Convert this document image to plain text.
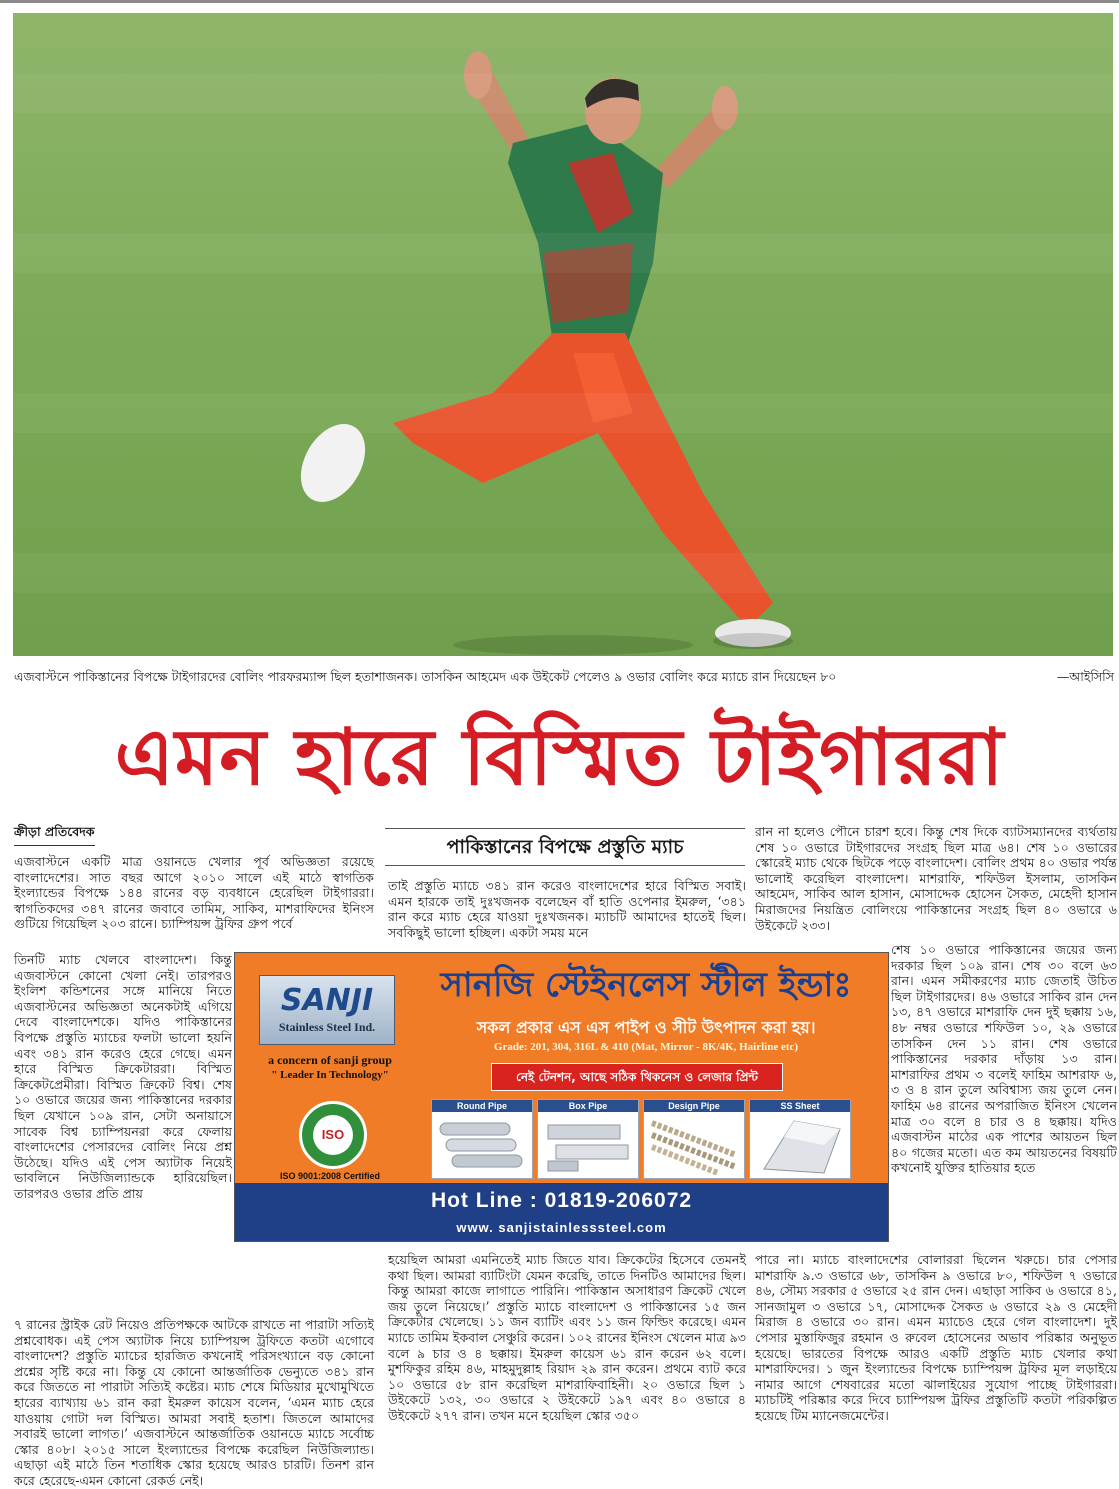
এজবাস্টনে পাকিস্তানের বিপক্ষে টাইগারদের বোলিং পারফরম্যান্স ছিল হতাশাজনক। তাসকিন আহমেদ এক উইকেট পেলেও ৯ ওভার বোলিং করে ম্যাচে রান দিয়েছেন ৮০	—আইসিসি
এমন হারে বিস্মিত টাইগাররা
ক্রীড়া প্রতিবেদক
পাকিস্তানের বিপক্ষে প্রস্তুতি ম্যাচ

এজবাস্টনে একটি মাত্র ওয়ানডে খেলার পূর্ব অভিজ্ঞতা রয়েছে বাংলাদেশের। সাত বছর আগে ২০১০ সালে এই মাঠে স্বাগতিক ইংল্যান্ডের বিপক্ষে ১৪৪ রানের বড় ব্যবধানে হেরেছিল টাইগাররা। স্বাগতিকদের ৩৪৭ রানের জবাবে তামিম, সাকিব, মাশরাফিদের ইনিংস গুটিয়ে গিয়েছিল ২০৩ রানে। চ্যাম্পিয়ন্স ট্রফির গ্রুপ পর্বে

তিনটি ম্যাচ খেলবে বাংলাদেশ। কিন্তু এজবাস্টনে কোনো খেলা নেই। তারপরও ইংলিশ কন্ডিশনের সঙ্গে মানিয়ে নিতে এজবাস্টনের অভিজ্ঞতা অনেকটাই এগিয়ে দেবে বাংলাদেশকে। যদিও পাকিস্তানের বিপক্ষে প্রস্তুতি ম্যাচের ফলটা ভালো হয়নি এবং ৩৪১ রান করেও হেরে গেছে। এমন হারে বিস্মিত ক্রিকেটাররা। বিস্মিত ক্রিকেটপ্রেমীরা। বিস্মিত ক্রিকেট বিশ্ব। শেষ ১০ ওভারে জয়ের জন্য পাকিস্তানের দরকার ছিল যেখানে ১০৯ রান, সেটা অনায়াসে সাবেক বিশ্ব চ্যাম্পিয়নরা করে ফেলায় বাংলাদেশের পেসারদের বোলিং নিয়ে প্রশ্ন উঠেছে। যদিও এই পেস অ্যাটাক নিয়েই ভাবলিনে নিউজিল্যান্ডকে হারিয়েছিল। তারপরও ওভার প্রতি প্রায়

৭ রানের স্ট্রাইক রেট নিয়েও প্রতিপক্ষকে আটকে রাখতে না পারাটা সত্যিই প্রশ্নবোধক। এই পেস অ্যাটাক নিয়ে চ্যাম্পিয়ন্স ট্রফিতে কতটা এগোবে বাংলাদেশ? প্রস্তুতি ম্যাচের হারজিত কখনোই পরিসংখ্যানে বড় কোনো প্রশ্নের সৃষ্টি করে না। কিন্তু যে কোনো আন্তর্জাতিক ভেন্যুতে ৩৪১ রান করে জিততে না পারাটা সত্যিই কষ্টের। ম্যাচ শেষে মিডিয়ার মুখোমুখিতে হারের ব্যাখ্যায় ৬১ রান করা ইমরুল কায়েস বলেন, ‘এমন ম্যাচ হেরে যাওয়ায় গোটা দল বিস্মিত। আমরা সবাই হতাশ। জিতলে আমাদের সবারই ভালো লাগত।’ এজবাস্টনে আন্তর্জাতিক ওয়ানডে ম্যাচে সর্বোচ্চ স্কোর ৪০৮। ২০১৫ সালে ইংল্যান্ডের বিপক্ষে করেছিল নিউজিল্যান্ড। এছাড়া এই মাঠে তিন শতাধিক স্কোর হয়েছে আরও চারটি। তিনশ রান করে হেরেছে-এমন কোনো রেকর্ড নেই।

তাই প্রস্তুতি ম্যাচে ৩৪১ রান করেও বাংলাদেশের হারে বিস্মিত সবাই। এমন হারকে তাই দুঃখজনক বলেছেন বাঁ হাতি ওপেনার ইমরুল, ‘৩৪১ রান করে ম্যাচ হেরে যাওয়া দুঃখজনক। ম্যাচটি আমাদের হাতেই ছিল। সবকিছুই ভালো হচ্ছিল। একটা সময় মনে

হয়েছিল আমরা এমনিতেই ম্যাচ জিতে যাব। ক্রিকেটের হিসেবে তেমনই কথা ছিল। আমরা ব্যাটিংটা যেমন করেছি, তাতে দিনটিও আমাদের ছিল। কিন্তু আমরা কাজে লাগাতে পারিনি। পাকিস্তান অসাধারণ ক্রিকেট খেলে জয় তুলে নিয়েছে।’ প্রস্তুতি ম্যাচে বাংলাদেশ ও পাকিস্তানের ১৫ জন ক্রিকেটার খেলেছে। ১১ জন ব্যাটিং এবং ১১ জন ফিল্ডিং করেছে। এমন ম্যাচে তামিম ইকবাল সেঞ্চুরি করেন। ১০২ রানের ইনিংস খেলেন মাত্র ৯৩ বলে ৯ চার ও ৪ ছক্কায়। ইমরুল কায়েস ৬১ রান করেন ৬২ বলে। মুশফিকুর রহিম ৪৬, মাহমুদুল্লাহ রিয়াদ ২৯ রান করেন। প্রথমে ব্যাট করে ১০ ওভারে ৫৮ রান করেছিল মাশরাফিবাহিনী। ২০ ওভারে ছিল ১ উইকেটে ১৩২, ৩০ ওভারে ২ উইকেটে ১৯৭ এবং ৪০ ওভারে ৪ উইকেটে ২৭৭ রান। তখন মনে হয়েছিল স্কোর ৩৫০

রান না হলেও পৌনে চারশ হবে। কিন্তু শেষ দিকে ব্যাটসম্যানদের ব্যর্থতায় শেষ ১০ ওভারে টাইগারদের সংগ্রহ ছিল মাত্র ৬৪। শেষ ১০ ওভারের স্কোরেই ম্যাচ থেকে ছিটকে পড়ে বাংলাদেশ। বোলিং প্রথম ৪০ ওভার পর্যন্ত ভালোই করেছিল বাংলাদেশ। মাশরাফি, শফিউল ইসলাম, তাসকিন আহমেদ, সাকিব আল হাসান, মোসাদ্দেক হোসেন সৈকত, মেহেদী হাসান মিরাজদের নিয়ন্ত্রিত বোলিংয়ে পাকিস্তানের সংগ্রহ ছিল ৪০ ওভারে ৬ উইকেটে ২৩৩।

শেষ ১০ ওভারে পাকিস্তানের জয়ের জন্য দরকার ছিল ১০৯ রান। শেষ ৩০ বলে ৬৩ রান। এমন সমীকরণের ম্যাচ জেতাই উচিত ছিল টাইগারদের। ৪৬ ওভারে সাকিব রান দেন ১৩, ৪৭ ওভারে মাশরাফি দেন দুই ছক্কায় ১৬, ৪৮ নম্বর ওভারে শফিউল ১০, ২৯ ওভারে তাসকিন দেন ১১ রান। শেষ ওভারে পাকিস্তানের দরকার দাঁড়ায় ১৩ রান। মাশরাফির প্রথম ৩ বলেই ফাহিম আশরাফ ৬, ৩ ও ৪ রান তুলে অবিশ্বাস্য জয় তুলে নেন। ফাহিম ৬৪ রানের অপরাজিত ইনিংস খেলেন মাত্র ৩০ বলে ৪ চার ও ৪ ছক্কায়। যদিও এজবাস্টন মাঠের এক পাশের আয়তন ছিল ৪০ গজের মতো। এত কম আয়তনের বিষয়টি কখনোই যুক্তির হাতিয়ার হতে

পারে না। ম্যাচে বাংলাদেশের বোলাররা ছিলেন খরুচে। চার পেসার মাশরাফি ৯.৩ ওভারে ৬৮, তাসকিন ৯ ওভারে ৮০, শফিউল ৭ ওভারে ৪৬, সৌম্য সরকার ৫ ওভারে ২৫ রান দেন। এছাড়া সাকিব ৬ ওভারে ৪১, সানজামুল ৩ ওভারে ১৭, মোসাদ্দেক সৈকত ৬ ওভারে ২৯ ও মেহেদী মিরাজ ৪ ওভারে ৩০ রান। এমন ম্যাচেও হেরে গেল বাংলাদেশ। দুই পেসার মুস্তাফিজুর রহমান ও রুবেল হোসেনের অভাব পরিষ্কার অনুভূত হয়েছে। ভারতের বিপক্ষে আরও একটি প্রস্তুতি ম্যাচ খেলার কথা মাশরাফিদের। ১ জুন ইংল্যান্ডের বিপক্ষে চ্যাম্পিয়ন্স ট্রফির মূল লড়াইয়ে নামার আগে শেষবারের মতো ঝালাইয়ের সুযোগ পাচ্ছে টাইগাররা। ম্যাচটিই পরিষ্কার করে দিবে চ্যাম্পিয়ন্স ট্রফির প্রস্তুতিটি কতটা পরিকল্পিত হয়েছে টিম ম্যানেজমেন্টের।

SANJI
Stainless Steel Ind.
a concern of sanji group
" Leader In Technology"
ISO
ISO 9001:2008 Certified
সানজি স্টেইনলেস স্টীল ইন্ডাঃ
সকল প্রকার এস এস পাইপ ও সীট উৎপাদন করা হয়।
Grade: 201, 304, 316L & 410 (Mat, Mirror - 8K/4K, Hairline etc)
নেই টেনশন, আছে সঠিক থিকনেস ও লেজার প্রিন্ট
Round Pipe	Box Pipe	Design Pipe	SS Sheet
Hot Line : 01819-206072
www. sanjistainlesssteel.com
